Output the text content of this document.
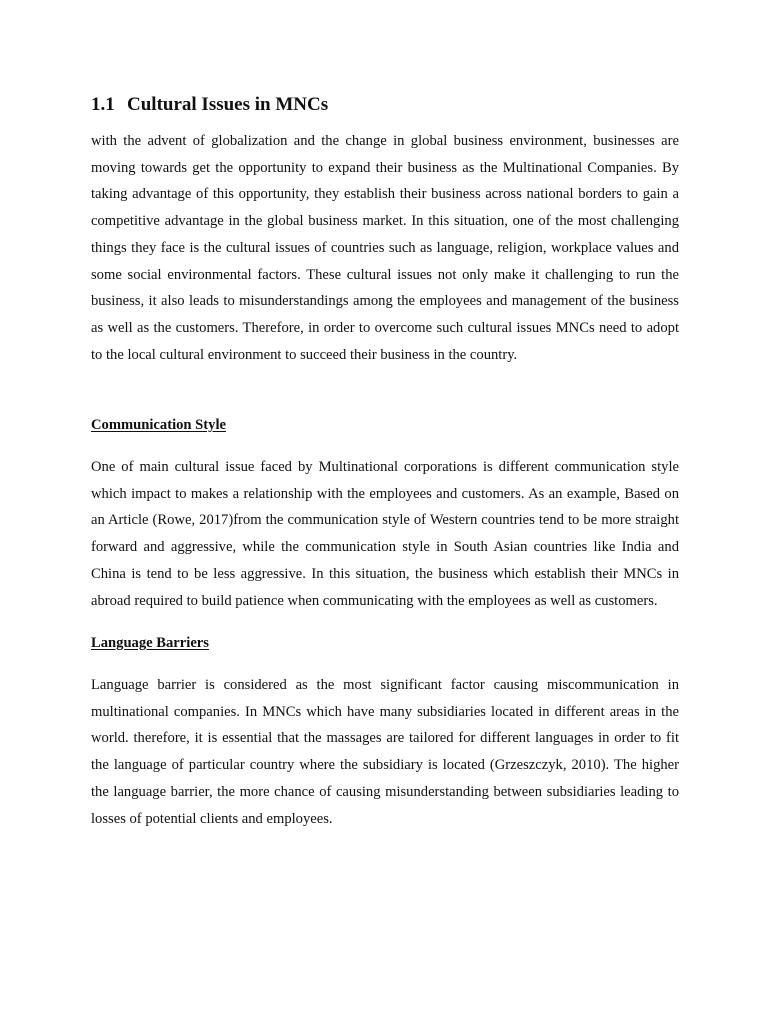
1.1 Cultural Issues in MNCs

with the advent of globalization and the change in global business environment, businesses are moving towards get the opportunity to expand their business as the Multinational Companies. By taking advantage of this opportunity, they establish their business across national borders to gain a competitive advantage in the global business market. In this situation, one of the most challenging things they face is the cultural issues of countries such as language, religion, workplace values and some social environmental factors. These cultural issues not only make it challenging to run the business, it also leads to misunderstandings among the employees and management of the business as well as the customers. Therefore, in order to overcome such cultural issues MNCs need to adopt to the local cultural environment to succeed their business in the country.

Communication Style

One of main cultural issue faced by Multinational corporations is different communication style which impact to makes a relationship with the employees and customers. As an example, Based on an Article (Rowe, 2017)from the communication style of Western countries tend to be more straight forward and aggressive, while the communication style in South Asian countries like India and China is tend to be less aggressive. In this situation, the business which establish their MNCs in abroad required to build patience when communicating with the employees as well as customers.

Language Barriers

Language barrier is considered as the most significant factor causing miscommunication in multinational companies. In MNCs which have many subsidiaries located in different areas in the world. therefore, it is essential that the massages are tailored for different languages in order to fit the language of particular country where the subsidiary is located (Grzeszczyk, 2010). The higher the language barrier, the more chance of causing misunderstanding between subsidiaries leading to losses of potential clients and employees.
